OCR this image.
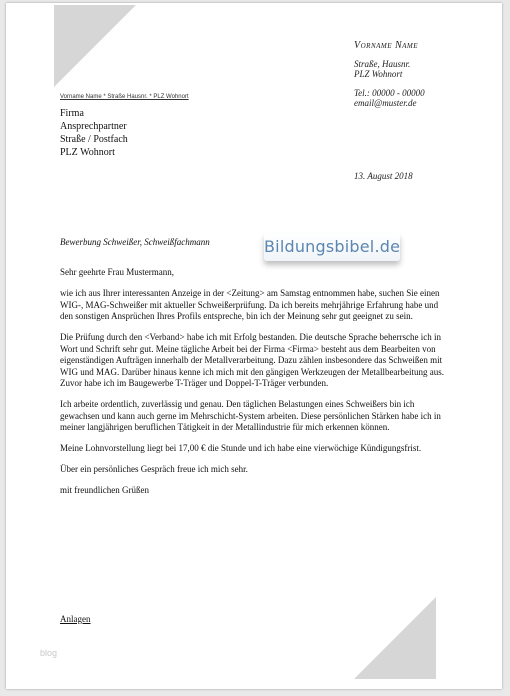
Vorname Name
Straße, Hausnr.
PLZ Wohnort
Tel.: 00000 - 00000
email@muster.de
Vorname Name * Straße Hausnr. * PLZ Wohnort
Firma
Ansprechpartner
Straße / Postfach
PLZ Wohnort
13. August 2018
Bewerbung Schweißer, Schweißfachmann	Bildungsbibel.de

Sehr geehrte Frau Mustermann,

wie ich aus Ihrer interessanten Anzeige in der <Zeitung> am Samstag entnommen habe, suchen Sie einen WIG-, MAG-Schweißer mit aktueller Schweißerprüfung. Da ich bereits mehrjährige Erfahrung habe und den sonstigen Ansprüchen Ihres Profils entspreche, bin ich der Meinung sehr gut geeignet zu sein.

Die Prüfung durch den <Verband> habe ich mit Erfolg bestanden. Die deutsche Sprache beherrsche ich in Wort und Schrift sehr gut. Meine tägliche Arbeit bei der Firma <Firma> besteht aus dem Bearbeiten von eigenständigen Aufträgen innerhalb der Metallverarbeitung. Dazu zählen insbesondere das Schweißen mit WIG und MAG. Darüber hinaus kenne ich mich mit den gängigen Werkzeugen der Metallbearbeitung aus. Zuvor habe ich im Baugewerbe T-Träger und Doppel-T-Träger verbunden.

Ich arbeite ordentlich, zuverlässig und genau. Den täglichen Belastungen eines Schweißers bin ich gewachsen und kann auch gerne im Mehrschicht-System arbeiten. Diese persönlichen Stärken habe ich in meiner langjährigen beruflichen Tätigkeit in der Metallindustrie für mich erkennen können.

Meine Lohnvorstellung liegt bei 17,00 € die Stunde und ich habe eine vierwöchige Kündigungsfrist.

Über ein persönliches Gespräch freue ich mich sehr.

mit freundlichen Grüßen

Anlagen
blog
